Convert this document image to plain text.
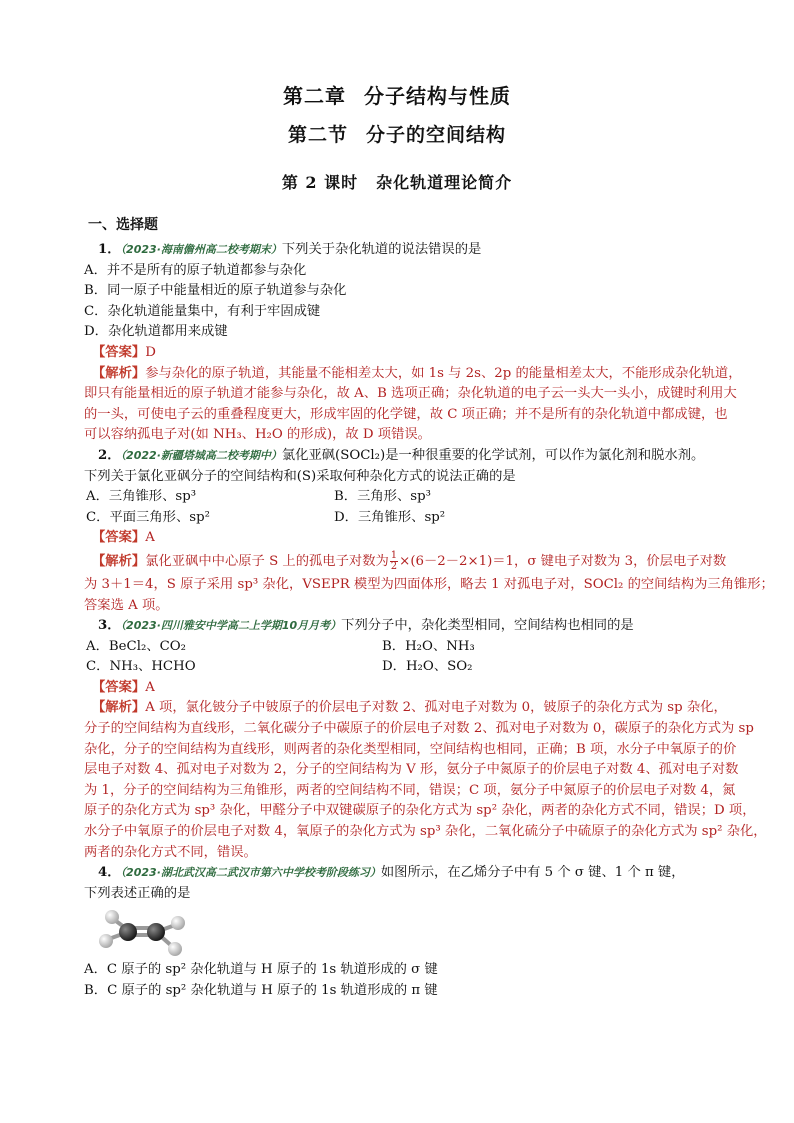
第二章 分子结构与性质
第二节 分子的空间结构
第 2 课时 杂化轨道理论简介
一、选择题
1．（2023·海南儋州高二校考期末）下列关于杂化轨道的说法错误的是
A．并不是所有的原子轨道都参与杂化
B．同一原子中能量相近的原子轨道参与杂化
C．杂化轨道能量集中，有利于牢固成键
D．杂化轨道都用来成键
【答案】D
【解析】参与杂化的原子轨道，其能量不能相差太大，如 1s 与 2s、2p 的能量相差太大，不能形成杂化轨道，
即只有能量相近的原子轨道才能参与杂化，故 A、B 选项正确；杂化轨道的电子云一头大一头小，成键时利用大
的一头，可使电子云的重叠程度更大，形成牢固的化学键，故 C 项正确；并不是所有的杂化轨道中都成键，也
可以容纳孤电子对(如 NH₃、H₂O 的形成)，故 D 项错误。
2．（2022·新疆塔城高二校考期中）氯化亚砜(SOCl₂)是一种很重要的化学试剂，可以作为氯化剂和脱水剂。
下列关于氯化亚砜分子的空间结构和(S)采取何种杂化方式的说法正确的是
A．三角锥形、sp³	B．三角形、sp³
C．平面三角形、sp²	D．三角锥形、sp²
【答案】A
【解析】氯化亚砜中中心原子 S 上的孤电子对数为 $\frac{1}{2} \times(6-2-2\times 1)=1$，σ 键电子对数为 3，价层电子对数
为 3＋1＝4，S 原子采用 sp³ 杂化，VSEPR 模型为四面体形，略去 1 对孤电子对，SOCl₂ 的空间结构为三角锥形；
答案选 A 项。
3．（2023·四川雅安中学高二上学期10月月考）下列分子中，杂化类型相同，空间结构也相同的是
A．BeCl₂、CO₂	B．H₂O、NH₃
C．NH₃、HCHO	D．H₂O、SO₂
【答案】A
【解析】A 项，氯化铍分子中铍原子的价层电子对数 2、孤对电子对数为 0，铍原子的杂化方式为 sp 杂化，
分子的空间结构为直线形，二氧化碳分子中碳原子的价层电子对数 2、孤对电子对数为 0，碳原子的杂化方式为 sp
杂化，分子的空间结构为直线形，则两者的杂化类型相同，空间结构也相同，正确；B 项，水分子中氧原子的价
层电子对数 4、孤对电子对数为 2，分子的空间结构为 V 形，氨分子中氮原子的价层电子对数 4、孤对电子对数
为 1，分子的空间结构为三角锥形，两者的空间结构不同，错误；C 项，氨分子中氮原子的价层电子对数 4，氮
原子的杂化方式为 sp³ 杂化，甲醛分子中双键碳原子的杂化方式为 sp² 杂化，两者的杂化方式不同，错误；D 项，
水分子中氧原子的价层电子对数 4，氧原子的杂化方式为 sp³ 杂化，二氧化硫分子中硫原子的杂化方式为 sp² 杂化，
两者的杂化方式不同，错误。
4．（2023·湖北武汉高二武汉市第六中学校考阶段练习）如图所示，在乙烯分子中有 5 个 σ 键、1 个 π 键，
下列表述正确的是
A．C 原子的 sp² 杂化轨道与 H 原子的 1s 轨道形成的 σ 键
B．C 原子的 sp² 杂化轨道与 H 原子的 1s 轨道形成的 π 键
